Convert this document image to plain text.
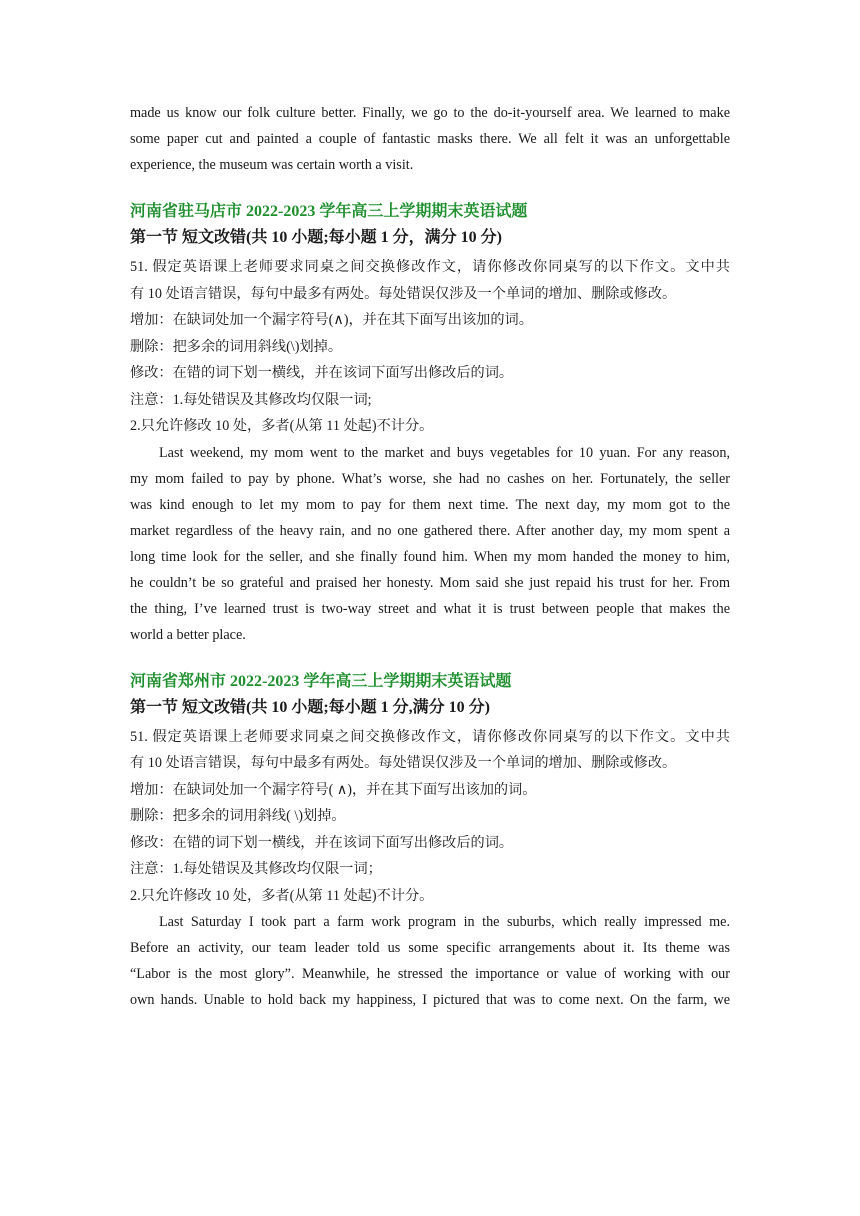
made us know our folk culture better. Finally, we go to the do-it-yourself area. We learned to make

some paper cut and painted a couple of fantastic masks there. We all felt it was an unforgettable

experience, the museum was certain worth a visit.

河南省驻马店市 2022-2023 学年高三上学期期末英语试题

第一节 短文改错(共 10 小题;每小题 1 分，满分 10 分)

51. 假定英语课上老师要求同桌之间交换修改作文，请你修改你同桌写的以下作文。文中共

有 10 处语言错误，每句中最多有两处。每处错误仅涉及一个单词的增加、删除或修改。

增加：在缺词处加一个漏字符号(∧)，并在其下面写出该加的词。

删除：把多余的词用斜线(\)划掉。

修改：在错的词下划一横线，并在该词下面写出修改后的词。

注意：1.每处错误及其修改均仅限一词;

2.只允许修改 10 处，多者(从第 11 处起)不计分。

Last weekend, my mom went to the market and buys vegetables for 10 yuan. For any reason,

my mom failed to pay by phone. What’s worse, she had no cashes on her. Fortunately, the seller

was kind enough to let my mom to pay for them next time. The next day, my mom got to the

market regardless of the heavy rain, and no one gathered there. After another day, my mom spent a

long time look for the seller, and she finally found him. When my mom handed the money to him,

he couldn’t be so grateful and praised her honesty. Mom said she just repaid his trust for her. From

the thing, I’ve learned trust is two-way street and what it is trust between people that makes the

world a better place.

河南省郑州市 2022-2023 学年高三上学期期末英语试题

第一节 短文改错(共 10 小题;每小题 1 分,满分 10 分)

51. 假定英语课上老师要求同桌之间交换修改作文，请你修改你同桌写的以下作文。文中共

有 10 处语言错误，每句中最多有两处。每处错误仅涉及一个单词的增加、删除或修改。

增加：在缺词处加一个漏字符号( ∧)，并在其下面写出该加的词。

删除：把多余的词用斜线( \)划掉。

修改：在错的词下划一横线，并在该词下面写出修改后的词。

注意：1.每处错误及其修改均仅限一词；

2.只允许修改 10 处，多者(从第 11 处起)不计分。

Last Saturday I took part a farm work program in the suburbs, which really impressed me.

Before an activity, our team leader told us some specific arrangements about it. Its theme was

“Labor is the most glory”. Meanwhile, he stressed the importance or value of working with our

own hands. Unable to hold back my happiness, I pictured that was to come next. On the farm, we
